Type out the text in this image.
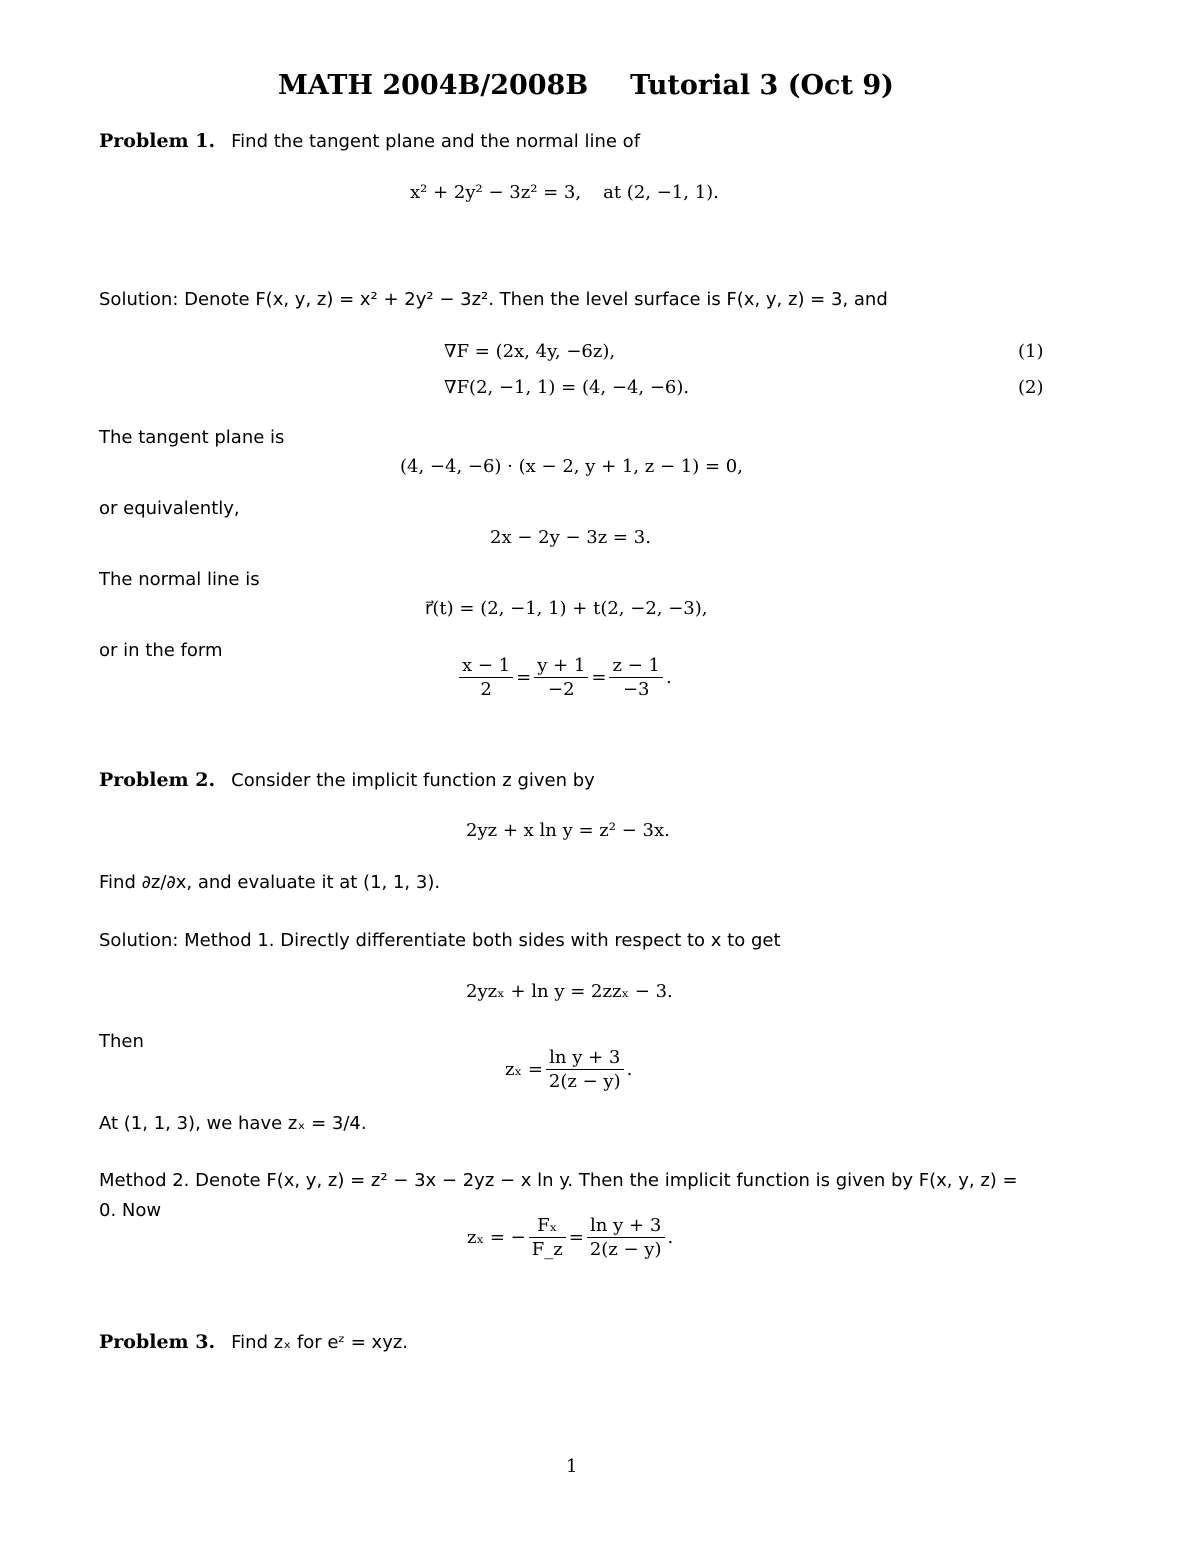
MATH 2004B/2008B Tutorial 3 (Oct 9)
Problem 1. Find the tangent plane and the normal line of
x² + 2y² − 3z² = 3, at (2, −1, 1).
Solution: Denote F(x, y, z) = x² + 2y² − 3z². Then the level surface is F(x, y, z) = 3, and
∇F = (2x, 4y, −6z),	(1)
∇F(2, −1, 1) = (4, −4, −6).	(2)
The tangent plane is
(4, −4, −6) · (x − 2, y + 1, z − 1) = 0,
or equivalently,
2x − 2y − 3z = 3.
The normal line is
r⃗(t) = (2, −1, 1) + t(2, −2, −3),
or in the form
$\frac{x - 1}{2} = \frac{y + 1}{-2} = \frac{z - 1}{-3}$ .
Problem 2. Consider the implicit function z given by
2yz + x ln y = z² − 3x.
Find ∂z/∂x, and evaluate it at (1, 1, 3).
Solution: Method 1. Directly differentiate both sides with respect to x to get
2yzₓ + ln y = 2zzₓ − 3.
Then
$z_x = \frac{\text{ln y + 3}}{2(z - y)}$ .
At (1, 1, 3), we have zₓ = 3/4.
Method 2. Denote F(x, y, z) = z² − 3x − 2yz − x ln y. Then the implicit function is given by F(x, y, z) =
0. Now
zₓ = − $\frac{\text{Fₓ}}{F\_z} = \frac{\text{ln y + 3}}{2(z - y)}$ .
Problem 3. Find zₓ for eᶻ = xyz.
1
